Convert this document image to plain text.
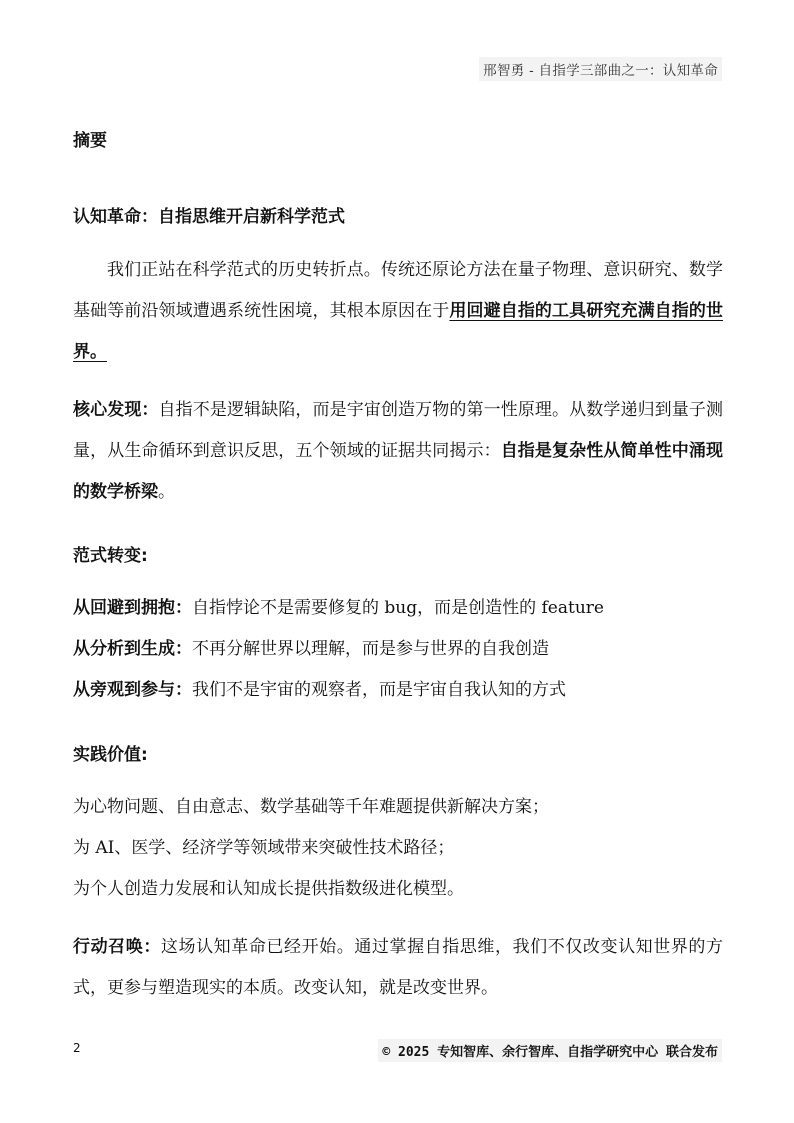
邢智勇 - 自指学三部曲之一：认知革命
摘要
认知革命：自指思维开启新科学范式
我们正站在科学范式的历史转折点。传统还原论方法在量子物理、意识研究、数学基础等前沿领域遭遇系统性困境，其根本原因在于用回避自指的工具研究充满自指的世界。
核心发现：自指不是逻辑缺陷，而是宇宙创造万物的第一性原理。从数学递归到量子测量，从生命循环到意识反思，五个领域的证据共同揭示：自指是复杂性从简单性中涌现的数学桥梁。
范式转变:
从回避到拥抱：自指悖论不是需要修复的 bug，而是创造性的 feature
从分析到生成：不再分解世界以理解，而是参与世界的自我创造
从旁观到参与：我们不是宇宙的观察者，而是宇宙自我认知的方式
实践价值:
为心物问题、自由意志、数学基础等千年难题提供新解决方案；
为 AI、医学、经济学等领域带来突破性技术路径；
为个人创造力发展和认知成长提供指数级进化模型。
行动召唤：这场认知革命已经开始。通过掌握自指思维，我们不仅改变认知世界的方式，更参与塑造现实的本质。改变认知，就是改变世界。
2	© 2025 专知智库、余行智库、自指学研究中心 联合发布
